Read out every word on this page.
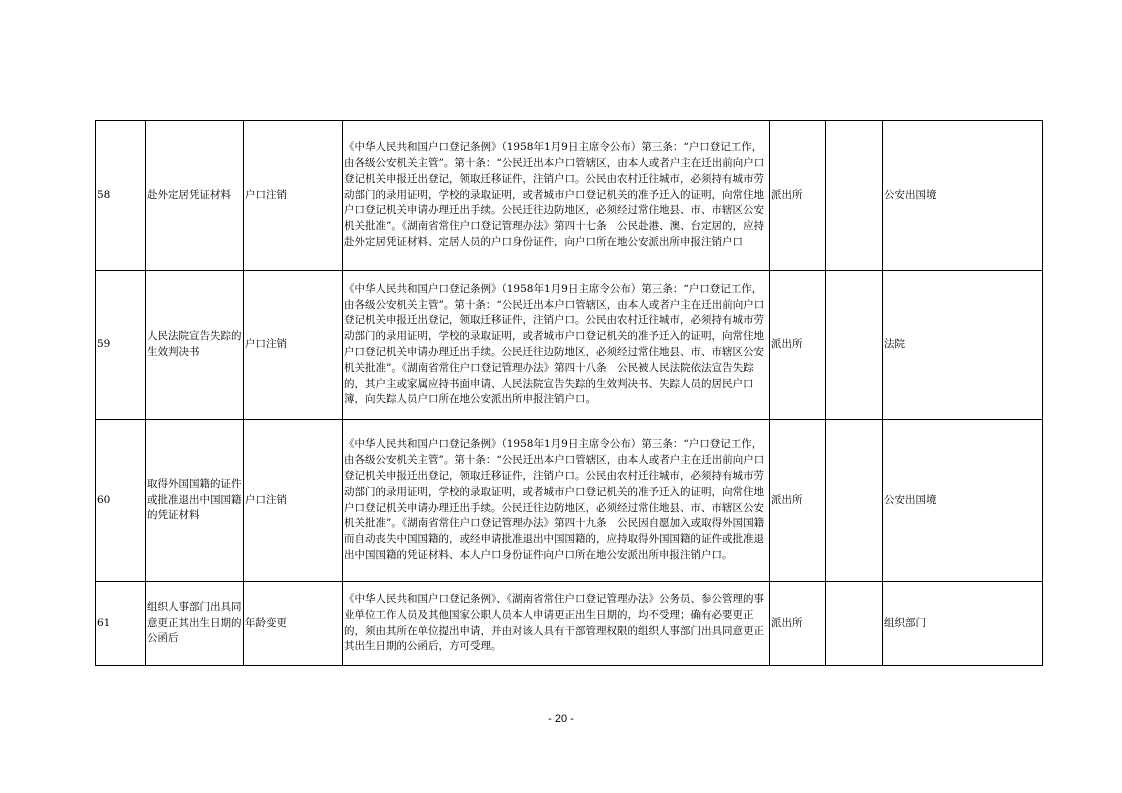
58	赴外定居凭证材料	户口注销	《中华人民共和国户口登记条例》（1958年1月9日主席令公布）第三条：“户口登记工作，由各级公安机关主管”。第十条：“公民迁出本户口管辖区，由本人或者户主在迁出前向户口登记机关申报迁出登记，领取迁移证件，注销户口。公民由农村迁往城市，必须持有城市劳动部门的录用证明，学校的录取证明，或者城市户口登记机关的准予迁入的证明，向常住地户口登记机关申请办理迁出手续。公民迁往边防地区，必须经过常住地县、市、市辖区公安机关批准”。《湖南省常住户口登记管理办法》第四十七条　公民赴港、澳、台定居的，应持赴外定居凭证材料、定居人员的户口身份证件，向户口所在地公安派出所申报注销户口	派出所		公安出国境
59	人民法院宣告失踪的生效判决书	户口注销	《中华人民共和国户口登记条例》（1958年1月9日主席令公布）第三条：“户口登记工作，由各级公安机关主管”。第十条：“公民迁出本户口管辖区，由本人或者户主在迁出前向户口登记机关申报迁出登记，领取迁移证件，注销户口。公民由农村迁往城市，必须持有城市劳动部门的录用证明，学校的录取证明，或者城市户口登记机关的准予迁入的证明，向常住地户口登记机关申请办理迁出手续。公民迁往边防地区，必须经过常住地县、市、市辖区公安机关批准”。《湖南省常住户口登记管理办法》第四十八条　公民被人民法院依法宣告失踪的，其户主或家属应持书面申请、人民法院宣告失踪的生效判决书、失踪人员的居民户口簿，向失踪人员户口所在地公安派出所申报注销户口。	派出所		法院
60	取得外国国籍的证件或批准退出中国国籍的凭证材料	户口注销	《中华人民共和国户口登记条例》（1958年1月9日主席令公布）第三条：“户口登记工作，由各级公安机关主管”。第十条：“公民迁出本户口管辖区，由本人或者户主在迁出前向户口登记机关申报迁出登记，领取迁移证件，注销户口。公民由农村迁往城市，必须持有城市劳动部门的录用证明，学校的录取证明，或者城市户口登记机关的准予迁入的证明，向常住地户口登记机关申请办理迁出手续。公民迁往边防地区，必须经过常住地县、市、市辖区公安机关批准”。《湖南省常住户口登记管理办法》第四十九条　公民因自愿加入或取得外国国籍而自动丧失中国国籍的，或经申请批准退出中国国籍的，应持取得外国国籍的证件或批准退出中国国籍的凭证材料、本人户口身份证件向户口所在地公安派出所申报注销户口。	派出所		公安出国境
61	组织人事部门出具同意更正其出生日期的公函后	年龄变更	《中华人民共和国户口登记条例》、《湖南省常住户口登记管理办法》公务员、参公管理的事业单位工作人员及其他国家公职人员本人申请更正出生日期的，均不受理；确有必要更正的，须由其所在单位提出申请，并由对该人具有干部管理权限的组织人事部门出具同意更正其出生日期的公函后，方可受理。	派出所		组织部门
- 20 -
